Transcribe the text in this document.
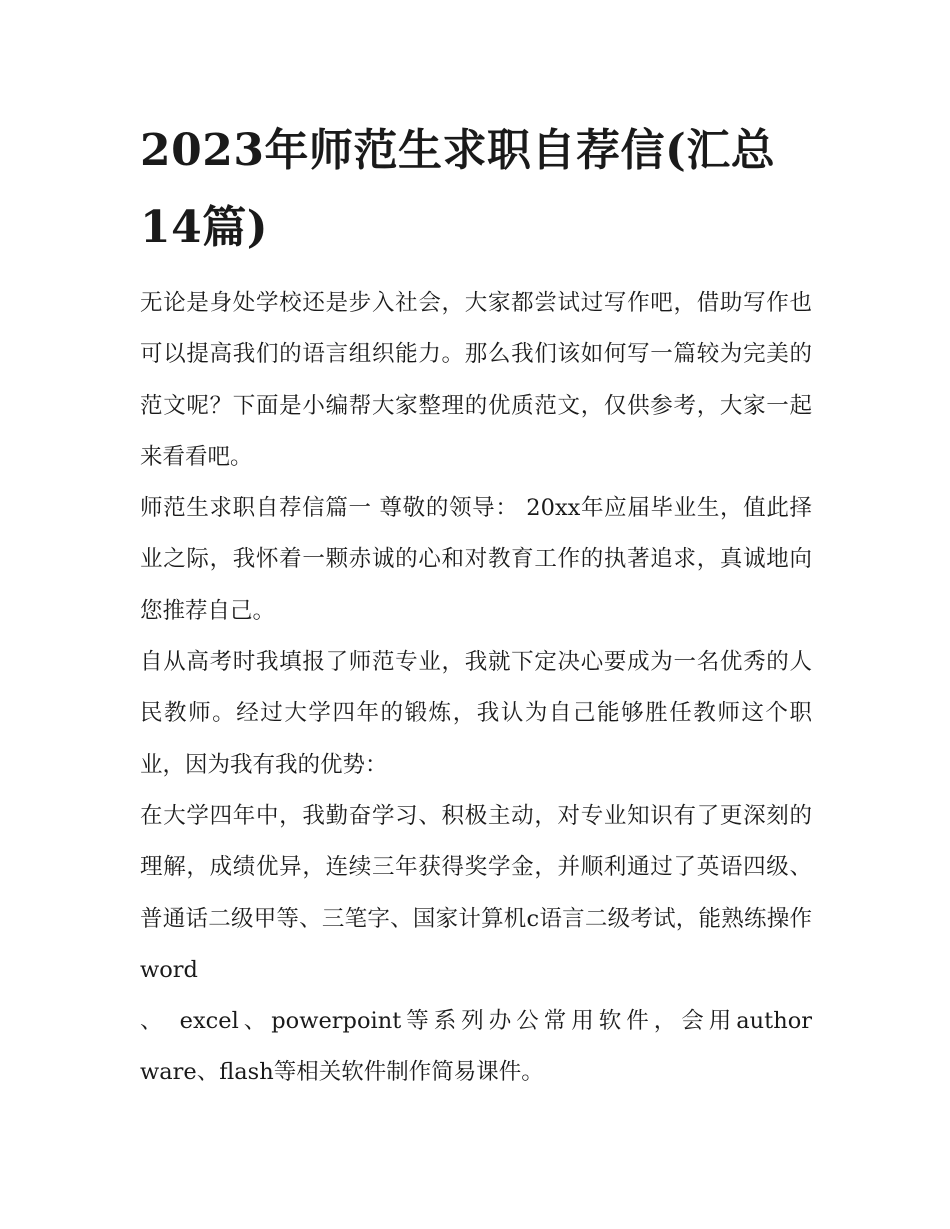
2023年师范生求职自荐信(汇总14篇)

无论是身处学校还是步入社会，大家都尝试过写作吧，借助写作也可以提高我们的语言组织能力。那么我们该如何写一篇较为完美的范文呢？下面是小编帮大家整理的优质范文，仅供参考，大家一起来看看吧。

师范生求职自荐信篇一 尊敬的领导： 20xx年应届毕业生，值此择业之际，我怀着一颗赤诚的心和对教育工作的执著追求，真诚地向您推荐自己。

自从高考时我填报了师范专业，我就下定决心要成为一名优秀的人民教师。经过大学四年的锻炼，我认为自己能够胜任教师这个职业，因为我有我的优势：

在大学四年中，我勤奋学习、积极主动，对专业知识有了更深刻的理解，成绩优异，连续三年获得奖学金，并顺利通过了英语四级、普通话二级甲等、三笔字、国家计算机c语言二级考试，能熟练操作word

、 excel、powerpoint等系列办公常用软件，会用author ware、flash等相关软件制作简易课件。
